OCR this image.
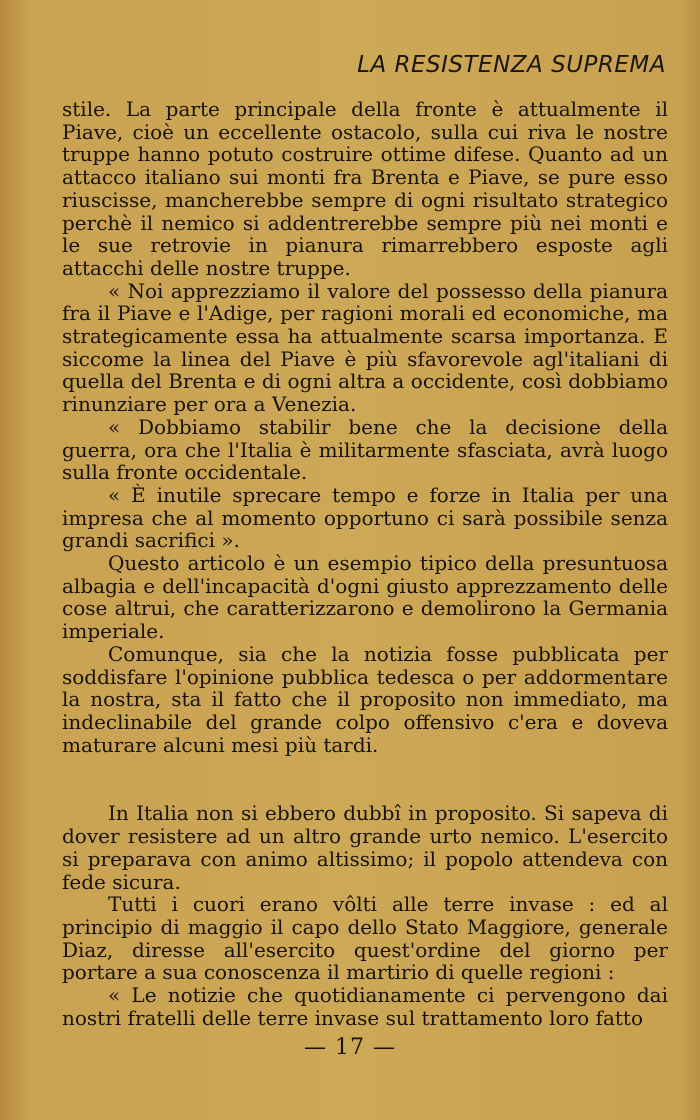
LA RESISTENZA SUPREMA

stile. La parte principale della fronte è attualmente il Piave, cioè un eccellente ostacolo, sulla cui riva le nostre truppe hanno potuto costruire ottime difese. Quanto ad un attacco italiano sui monti fra Brenta e Piave, se pure esso riuscisse, mancherebbe sempre di ogni risultato strategico perchè il nemico si addentrerebbe sempre più nei monti e le sue retrovie in pianura rimarrebbero esposte agli attacchi delle nostre truppe.

« Noi apprezziamo il valore del possesso della pianura fra il Piave e l'Adige, per ragioni morali ed economiche, ma strategicamente essa ha attualmente scarsa importanza. E siccome la linea del Piave è più sfavorevole agl'italiani di quella del Brenta e di ogni altra a occidente, così dobbiamo rinunziare per ora a Venezia.

« Dobbiamo stabilir bene che la decisione della guerra, ora che l'Italia è militarmente sfasciata, avrà luogo sulla fronte occidentale.

« È inutile sprecare tempo e forze in Italia per una impresa che al momento opportuno ci sarà possibile senza grandi sacrifici ».

Questo articolo è un esempio tipico della presuntuosa albagia e dell'incapacità d'ogni giusto apprezzamento delle cose altrui, che caratterizzarono e demolirono la Germania imperiale.

Comunque, sia che la notizia fosse pubblicata per soddisfare l'opinione pubblica tedesca o per addormentare la nostra, sta il fatto che il proposito non immediato, ma indeclinabile del grande colpo offensivo c'era e doveva maturare alcuni mesi più tardi.

In Italia non si ebbero dubbî in proposito. Si sapeva di dover resistere ad un altro grande urto nemico. L'esercito si preparava con animo altissimo; il popolo attendeva con fede sicura.

Tutti i cuori erano vôlti alle terre invase : ed al principio di maggio il capo dello Stato Maggiore, generale Diaz, diresse all'esercito quest'ordine del giorno per portare a sua conoscenza il martirio di quelle regioni :

« Le notizie che quotidianamente ci pervengono dai nostri fratelli delle terre invase sul trattamento loro fatto

— 17 —
